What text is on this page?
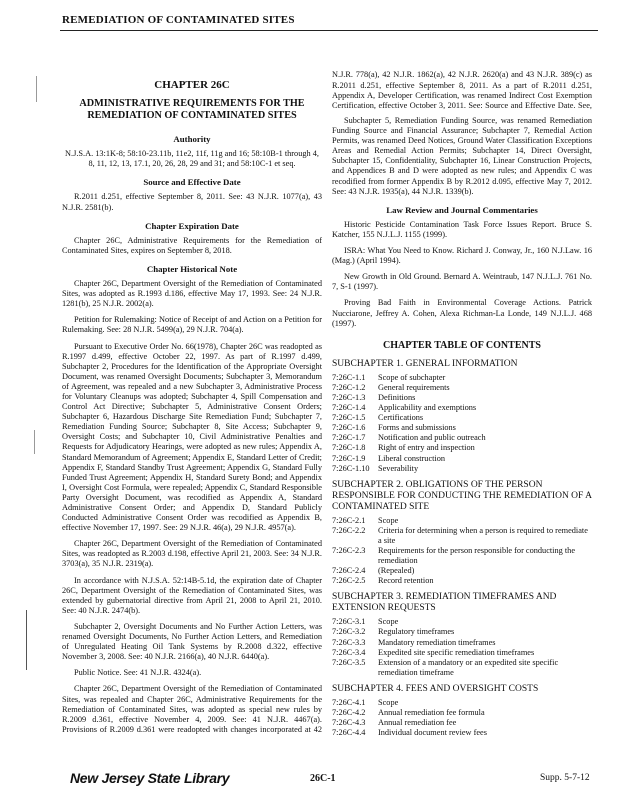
REMEDIATION OF CONTAMINATED SITES
CHAPTER 26C
ADMINISTRATIVE REQUIREMENTS FOR THE REMEDIATION OF CONTAMINATED SITES
Authority

N.J.S.A. 13:1K-8; 58:10-23.11b, 11e2, 11f, 11g and 16; 58:10B-1 through 4, 8, 11, 12, 13, 17.1, 20, 26, 28, 29 and 31; and 58:10C-1 et seq.

Source and Effective Date

R.2011 d.251, effective September 8, 2011. See: 43 N.J.R. 1077(a), 43 N.J.R. 2581(b).

Chapter Expiration Date

Chapter 26C, Administrative Requirements for the Remediation of Contaminated Sites, expires on September 8, 2018.

Chapter Historical Note

Chapter 26C, Department Oversight of the Remediation of Contaminated Sites, was adopted as R.1993 d.186, effective May 17, 1993. See: 24 N.J.R. 1281(b), 25 N.J.R. 2002(a).

Petition for Rulemaking: Notice of Receipt of and Action on a Petition for Rulemaking. See: 28 N.J.R. 5499(a), 29 N.J.R. 704(a).

Pursuant to Executive Order No. 66(1978), Chapter 26C was readopted as R.1997 d.499, effective October 22, 1997. As part of R.1997 d.499, Subchapter 2, Procedures for the Identification of the Appropriate Oversight Document, was renamed Oversight Documents; Subchapter 3, Memorandum of Agreement, was repealed and a new Subchapter 3, Administrative Process for Voluntary Cleanups was adopted; Subchapter 4, Spill Compensation and Control Act Directive; Subchapter 5, Administrative Consent Orders; Subchapter 6, Hazardous Discharge Site Remediation Fund; Subchapter 7, Remediation Funding Source; Subchapter 8, Site Access; Subchapter 9, Oversight Costs; and Subchapter 10, Civil Administrative Penalties and Requests for Adjudicatory Hearings, were adopted as new rules; Appendix A, Standard Memorandum of Agreement; Appendix E, Standard Letter of Credit; Appendix F, Standard Standby Trust Agreement; Appendix G, Standard Fully Funded Trust Agreement; Appendix H, Standard Surety Bond; and Appendix I, Oversight Cost Formula, were repealed; Appendix C, Standard Responsible Party Oversight Document, was recodified as Appendix A, Standard Administrative Consent Order; and Appendix D, Standard Publicly Conducted Administrative Consent Order was recodified as Appendix B, effective November 17, 1997. See: 29 N.J.R. 46(a), 29 N.J.R. 4957(a).

Chapter 26C, Department Oversight of the Remediation of Contaminated Sites, was readopted as R.2003 d.198, effective April 21, 2003. See: 34 N.J.R. 3703(a), 35 N.J.R. 2319(a).

In accordance with N.J.S.A. 52:14B-5.1d, the expiration date of Chapter 26C, Department Oversight of the Remediation of Contaminated Sites, was extended by gubernatorial directive from April 21, 2008 to April 21, 2010. See: 40 N.J.R. 2474(b).

Subchapter 2, Oversight Documents and No Further Action Letters, was renamed Oversight Documents, No Further Action Letters, and Remediation of Unregulated Heating Oil Tank Systems by R.2008 d.322, effective November 3, 2008. See: 40 N.J.R. 2166(a), 40 N.J.R. 6440(a).

Public Notice. See: 41 N.J.R. 4324(a).

Chapter 26C, Department Oversight of the Remediation of Contaminated Sites, was repealed and Chapter 26C, Administrative Requirements for the Remediation of Contaminated Sites, was adopted as special new rules by R.2009 d.361, effective November 4, 2009. See: 41 N.J.R. 4467(a). Provisions of R.2009 d.361 were readopted with changes incorporated at 42

N.J.R. 778(a), 42 N.J.R. 1862(a), 42 N.J.R. 2620(a) and 43 N.J.R. 389(c) as R.2011 d.251, effective September 8, 2011. As a part of R.2011 d.251, Appendix A, Developer Certification, was renamed Indirect Cost Exemption Certification, effective October 3, 2011. See: Source and Effective Date. See,

Subchapter 5, Remediation Funding Source, was renamed Remediation Funding Source and Financial Assurance; Subchapter 7, Remedial Action Permits, was renamed Deed Notices, Ground Water Classification Exceptions Areas and Remedial Action Permits; Subchapter 14, Direct Oversight, Subchapter 15, Confidentiality, Subchapter 16, Linear Construction Projects, and Appendices B and D were adopted as new rules; and Appendix C was recodified from former Appendix B by R.2012 d.095, effective May 7, 2012. See: 43 N.J.R. 1935(a), 44 N.J.R. 1339(b).

Law Review and Journal Commentaries

Historic Pesticide Contamination Task Force Issues Report. Bruce S. Katcher, 155 N.J.L.J. 1155 (1999).

ISRA: What You Need to Know. Richard J. Conway, Jr., 160 N.J.Law. 16 (Mag.) (April 1994).

New Growth in Old Ground. Bernard A. Weintraub, 147 N.J.L.J. 761 No. 7, S-1 (1997).

Proving Bad Faith in Environmental Coverage Actions. Patrick Nucciarone, Jeffrey A. Cohen, Alexa Richman-La Londe, 149 N.J.L.J. 468 (1997).

CHAPTER TABLE OF CONTENTS
SUBCHAPTER 1. GENERAL INFORMATION
7:26C-1.1	Scope of subchapter
7:26C-1.2	General requirements
7:26C-1.3	Definitions
7:26C-1.4	Applicability and exemptions
7:26C-1.5	Certifications
7:26C-1.6	Forms and submissions
7:26C-1.7	Notification and public outreach
7:26C-1.8	Right of entry and inspection
7:26C-1.9	Liberal construction
7:26C-1.10	Severability
SUBCHAPTER 2. OBLIGATIONS OF THE PERSON RESPONSIBLE FOR CONDUCTING THE REMEDIATION OF A CONTAMINATED SITE
7:26C-2.1	Scope
7:26C-2.2	Criteria for determining when a person is required to remediate a site
7:26C-2.3	Requirements for the person responsible for conducting the remediation
7:26C-2.4	(Repealed)
7:26C-2.5	Record retention
SUBCHAPTER 3. REMEDIATION TIMEFRAMES AND EXTENSION REQUESTS
7:26C-3.1	Scope
7:26C-3.2	Regulatory timeframes
7:26C-3.3	Mandatory remediation timeframes
7:26C-3.4	Expedited site specific remediation timeframes
7:26C-3.5	Extension of a mandatory or an expedited site specific remediation timeframe
SUBCHAPTER 4. FEES AND OVERSIGHT COSTS
7:26C-4.1	Scope
7:26C-4.2	Annual remediation fee formula
7:26C-4.3	Annual remediation fee
7:26C-4.4	Individual document review fees
New Jersey State Library	26C-1	Supp. 5-7-12
